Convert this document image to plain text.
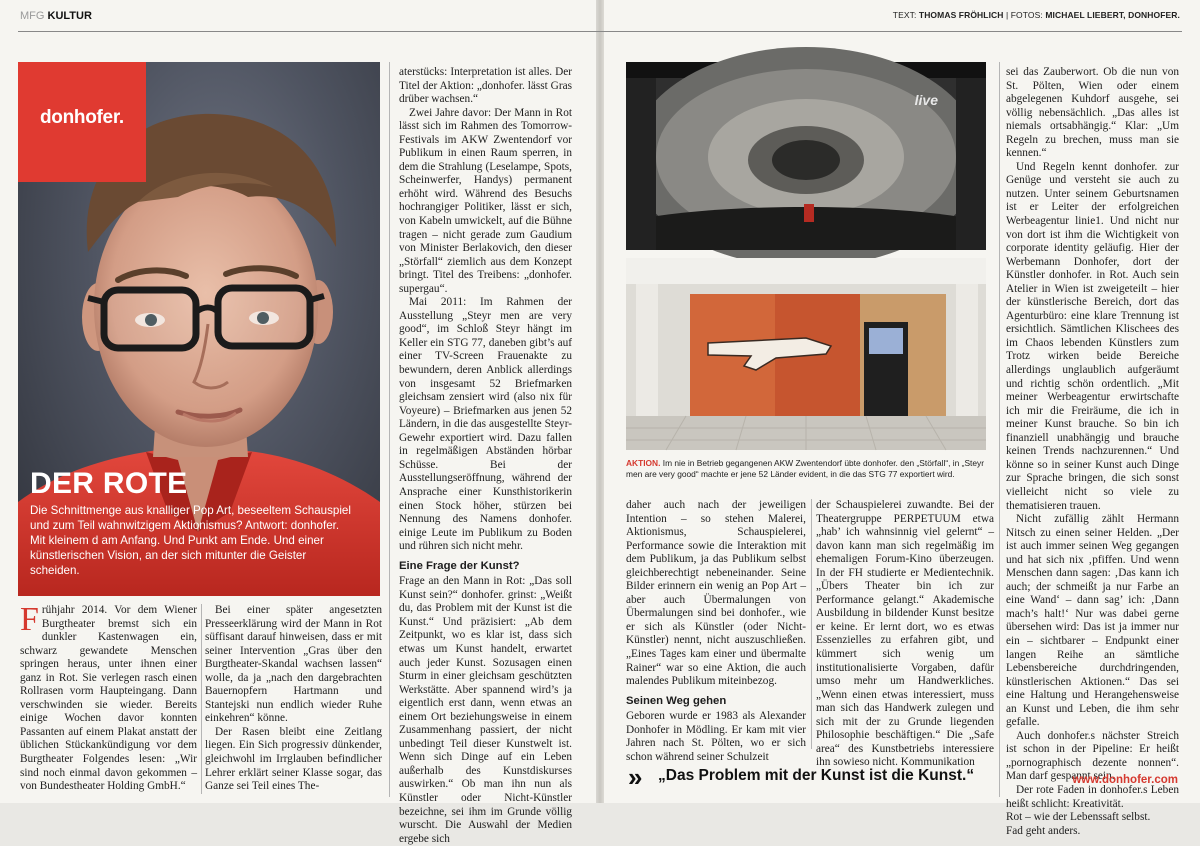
MFG KULTUR	TEXT: THOMAS FRÖHLICH | FOTOS: MICHAEL LIEBERT, DONHOFER.
donhofer.
DER ROTE
Die Schnittmenge aus knalliger Pop Art, beseeltem Schauspiel und zum Teil wahnwitzigem Aktionismus? Antwort: donhofer. Mit kleinem d am Anfang. Und Punkt am Ende. Und einer künstlerischen Vision, an der sich mitunter die Geister scheiden.

Frühjahr 2014. Vor dem Wiener Burgtheater bremst sich ein dunkler Kastenwagen ein, schwarz gewandete Menschen springen heraus, unter ihnen einer ganz in Rot. Sie verlegen rasch einen Rollrasen vorm Haupteingang. Dann verschwinden sie wieder. Bereits einige Wochen davor konnten Passanten auf einem Plakat anstatt der üblichen Stückankündigung vor dem Burgtheater Folgendes lesen: „Wir sind noch einmal davon gekommen – von Bundestheater Holding GmbH.“

Bei einer später angesetzten Presseerklärung wird der Mann in Rot süffisant darauf hinweisen, dass er mit seiner Intervention „Gras über den Burgtheater-Skandal wachsen lassen“ wolle, da ja „nach den dargebrachten Bauernopfern Hartmann und Stantejski nun endlich wieder Ruhe einkehren“ könne.

Der Rasen bleibt eine Zeitlang liegen. Ein Sich progressiv dünkender, gleichwohl im Irrglauben befindlicher Lehrer erklärt seiner Klasse sogar, das Ganze sei Teil eines The-

aterstücks: Interpretation ist alles. Der Titel der Aktion: „donhofer. lässt Gras drüber wachsen.“

Zwei Jahre davor: Der Mann in Rot lässt sich im Rahmen des Tomorrow-Festivals im AKW Zwentendorf vor Publikum in einen Raum sperren, in dem die Strahlung (Leselampe, Spots, Scheinwerfer, Handys) permanent erhöht wird. Während des Besuchs hochrangiger Politiker, lässt er sich, von Kabeln umwickelt, auf die Bühne tragen – nicht gerade zum Gaudium von Minister Berlakovich, den dieser „Störfall“ ziemlich aus dem Konzept bringt. Titel des Treibens: „donhofer. supergau“.

Mai 2011: Im Rahmen der Ausstellung „Steyr men are very good“, im Schloß Steyr hängt im Keller ein STG 77, daneben gibt’s auf einer TV-Screen Frauenakte zu bewundern, deren Anblick allerdings von insgesamt 52 Briefmarken gleichsam zensiert wird (also nix für Voyeure) – Briefmarken aus jenen 52 Ländern, in die das ausgestellte Steyr-Gewehr exportiert wird. Dazu fallen in regelmäßigen Abständen hörbar Schüsse. Bei der Ausstellungseröffnung, während der Ansprache einer Kunsthistorikerin einen Stock höher, stürzen bei Nennung des Namens donhofer. einige Leute im Publikum zu Boden und rühren sich nicht mehr.

Eine Frage der Kunst?

Frage an den Mann in Rot: „Das soll Kunst sein?“ donhofer. grinst: „Weißt du, das Problem mit der Kunst ist die Kunst.“ Und präzisiert: „Ab dem Zeitpunkt, wo es klar ist, dass sich etwas um Kunst handelt, erwartet auch jeder Kunst. Sozusagen einen Sturm in einer gleichsam geschützten Werkstätte. Aber spannend wird’s ja eigentlich erst dann, wenn etwas an einem Ort beziehungsweise in einem Zusammenhang passiert, der nicht unbedingt Teil dieser Kunstwelt ist. Wenn sich Dinge auf ein Leben außerhalb des Kunstdiskurses auswirken.“ Ob man ihn nun als Künstler oder Nicht-Künstler bezeichne, sei ihm im Grunde völlig wurscht. Die Auswahl der Medien ergebe sich

live
AKTION. Im nie in Betrieb gegangenen AKW Zwentendorf übte donhofer. den „Störfall“, in „Steyr men are very good“ machte er jene 52 Länder evident, in die das STG 77 exportiert wird.

daher auch nach der jeweiligen Intention – so stehen Malerei, Aktionismus, Schauspielerei, Performance sowie die Interaktion mit dem Publikum, ja das Publikum selbst gleichberechtigt nebeneinander. Seine Bilder erinnern ein wenig an Pop Art – aber auch Übermalungen von Übermalungen sind bei donhofer., wie er sich als Künstler (oder Nicht-Künstler) nennt, nicht auszuschließen. „Eines Tages kam einer und übermalte Rainer“ war so eine Aktion, die auch malendes Publikum miteinbezog.

Seinen Weg gehen

Geboren wurde er 1983 als Alexander Donhofer in Mödling. Er kam mit vier Jahren nach St. Pölten, wo er sich schon während seiner Schulzeit

der Schauspielerei zuwandte. Bei der Theatergruppe PERPETUUM etwa „hab’ ich wahnsinnig viel gelernt“ – davon kann man sich regelmäßig im ehemaligen Forum-Kino überzeugen. In der FH studierte er Medientechnik. „Übers Theater bin ich zur Performance gelangt.“ Akademische Ausbildung in bildender Kunst besitze er keine. Er lernt dort, wo es etwas Essenzielles zu erfahren gibt, und kümmert sich wenig um institutionalisierte Vorgaben, dafür umso mehr um Handwerkliches. „Wenn einen etwas interessiert, muss man sich das Handwerk zulegen und sich mit der zu Grunde liegenden Philosophie beschäftigen.“ Die „Safe area“ des Kunstbetriebs interessiere ihn sowieso nicht. Kommunikation

sei das Zauberwort. Ob die nun von St. Pölten, Wien oder einem abgelegenen Kuhdorf ausgehe, sei völlig nebensächlich. „Das alles ist niemals ortsabhängig.“ Klar: „Um Regeln zu brechen, muss man sie kennen.“

Und Regeln kennt donhofer. zur Genüge und versteht sie auch zu nutzen. Unter seinem Geburtsnamen ist er Leiter der erfolgreichen Werbeagentur linie1. Und nicht nur von dort ist ihm die Wichtigkeit von corporate identity geläufig. Hier der Werbemann Donhofer, dort der Künstler donhofer. in Rot. Auch sein Atelier in Wien ist zweigeteilt – hier der künstlerische Bereich, dort das Agenturbüro: eine klare Trennung ist ersichtlich. Sämtlichen Klischees des im Chaos lebenden Künstlers zum Trotz wirken beide Bereiche allerdings unglaublich aufgeräumt und richtig schön ordentlich. „Mit meiner Werbeagentur erwirtschafte ich mir die Freiräume, die ich in meiner Kunst brauche. So bin ich finanziell unabhängig und brauche keinen Trends nachzurennen.“ Und könne so in seiner Kunst auch Dinge zur Sprache bringen, die sich sonst vielleicht nicht so viele zu thematisieren trauen.

Nicht zufällig zählt Hermann Nitsch zu einen seiner Helden. „Der ist auch immer seinen Weg gegangen und hat sich nix ‚pfiffen. Und wenn Menschen dann sagen: ‚Das kann ich auch; der schmeißt ja nur Farbe an eine Wand‘ – dann sag’ ich: ‚Dann mach’s halt!‘ Nur was dabei gerne übersehen wird: Das ist ja immer nur ein – sichtbarer – Endpunkt einer langen Reihe an sämtliche Lebensbereiche durchdringenden, künstlerischen Aktionen.“ Das sei eine Haltung und Herangehensweise an Kunst und Leben, die ihm sehr gefalle.

Auch donhofer.s nächster Streich ist schon in der Pipeline: Er heißt „pornographisch dezente nonnen“. Man darf gespannt sein.

Der rote Faden in donhofer.s Leben heißt schlicht: Kreativität.

Rot – wie der Lebenssaft selbst.

Fad geht anders.

» „Das Problem mit der Kunst ist die Kunst.“	www.donhofer.com
